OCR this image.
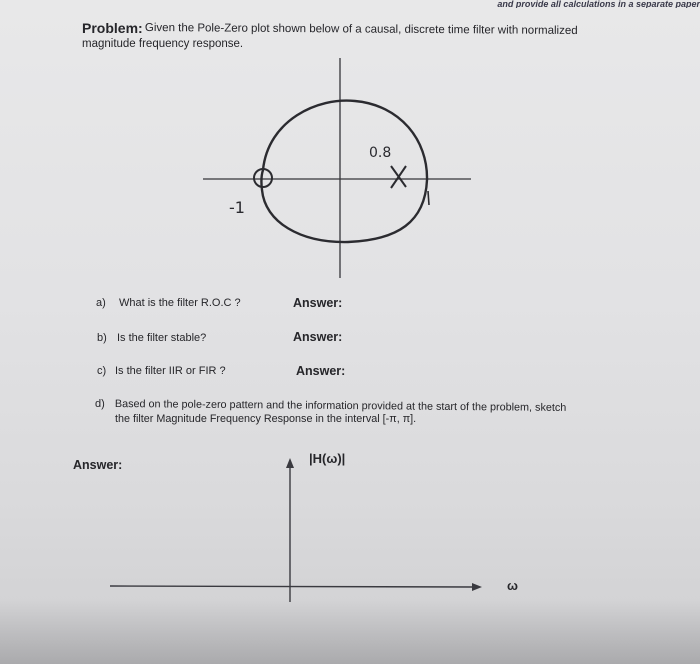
and provide all calculations in a separate paper
Problem: Given the Pole-Zero plot shown below of a causal, discrete time filter with normalized
magnitude frequency response.
0.8
-1	1
a) What is the filter R.O.C ?	Answer:
b) Is the filter stable?	Answer:
c) Is the filter IIR or FIR ?	Answer:
d) Based on the pole-zero pattern and the information provided at the start of the problem, sketch
the filter Magnitude Frequency Response in the interval [-π, π].
Answer:	|H(ω)|
ω
